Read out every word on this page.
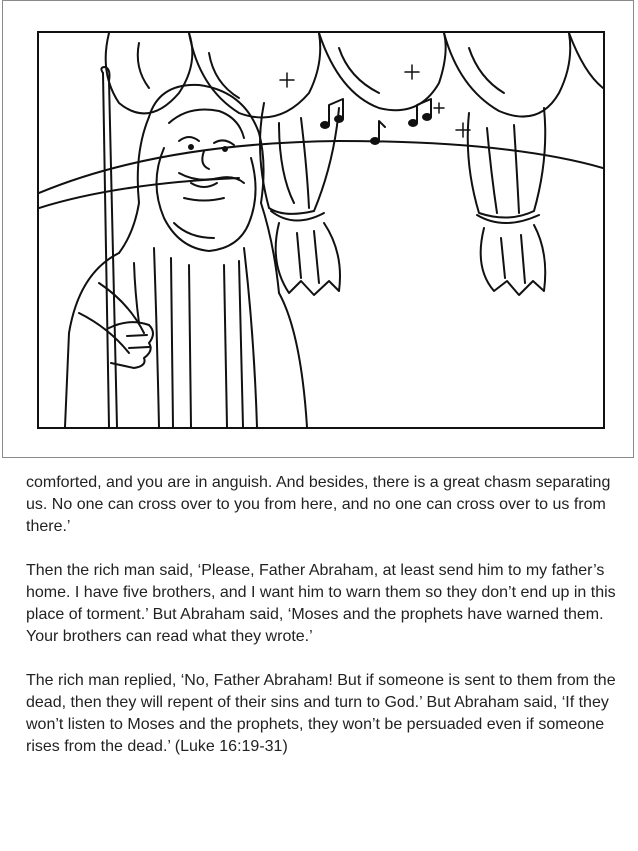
comforted, and you are in anguish. And besides, there is a great chasm separating us. No one can cross over to you from here, and no one can cross over to us from there.’

Then the rich man said, ‘Please, Father Abraham, at least send him to my father’s home. I have five brothers, and I want him to warn them so they don’t end up in this place of torment.’ But Abraham said, ‘Moses and the prophets have warned them. Your brothers can read what they wrote.’

The rich man replied, ‘No, Father Abraham! But if someone is sent to them from the dead, then they will repent of their sins and turn to God.’ But Abraham said, ‘If they won’t listen to Moses and the prophets, they won’t be persuaded even if someone rises from the dead.’ (Luke 16:19-31)
